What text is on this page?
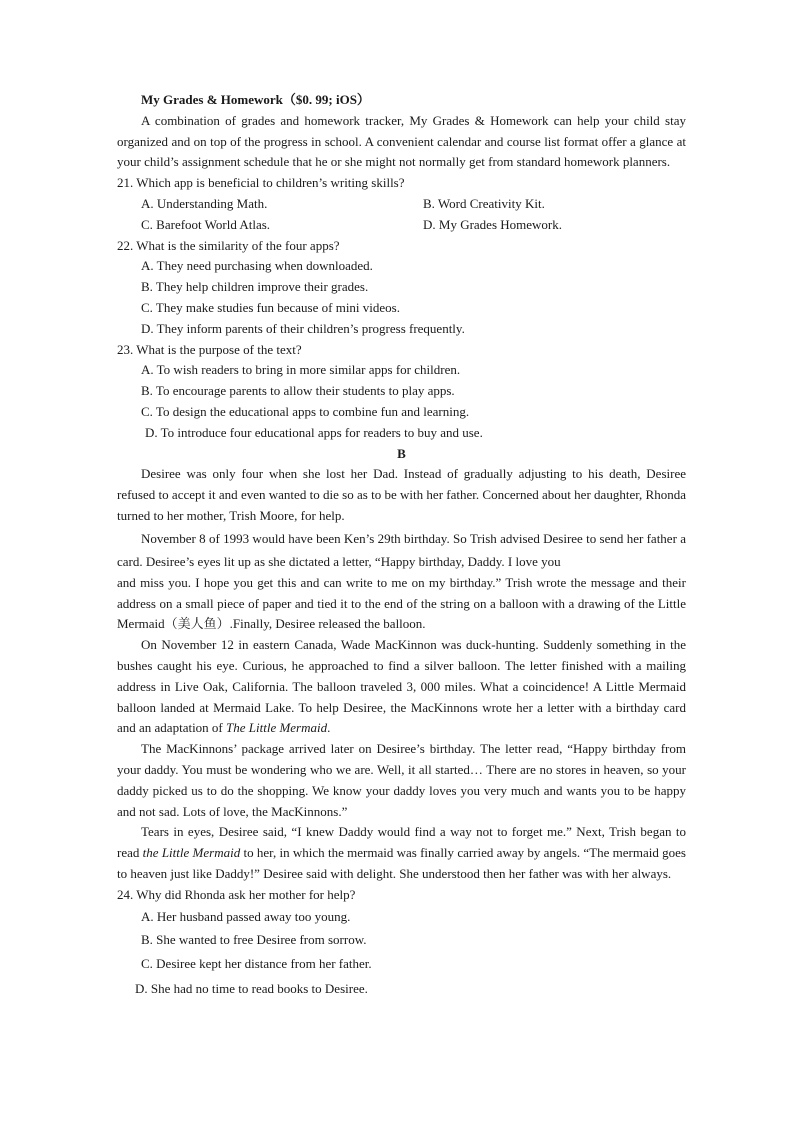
My Grades & Homework（$0. 99; iOS）

A combination of grades and homework tracker, My Grades & Homework can help your child stay organized and on top of the progress in school. A convenient calendar and course list format offer a glance at your child’s assignment schedule that he or she might not normally get from standard homework planners.

21. Which app is beneficial to children’s writing skills?
A. Understanding Math.	B. Word Creativity Kit.
C. Barefoot World Atlas.	D. My Grades Homework.
22. What is the similarity of the four apps?
A. They need purchasing when downloaded.
B. They help children improve their grades.
C. They make studies fun because of mini videos.
D. They inform parents of their children’s progress frequently.
23. What is the purpose of the text?
A. To wish readers to bring in more similar apps for children.
B. To encourage parents to allow their students to play apps.
C. To design the educational apps to combine fun and learning.
D. To introduce four educational apps for readers to buy and use.
B

Desiree was only four when she lost her Dad. Instead of gradually adjusting to his death, Desiree refused to accept it and even wanted to die so as to be with her father. Concerned about her daughter, Rhonda turned to her mother, Trish Moore, for help.

November 8 of 1993 would have been Ken’s 29th birthday. So Trish advised Desiree to send her father a card. Desiree’s eyes lit up as she dictated a letter, “Happy birthday, Daddy. I love you

and miss you. I hope you get this and can write to me on my birthday.” Trish wrote the message and their address on a small piece of paper and tied it to the end of the string on a balloon with a drawing of the Little Mermaid（美人鱼）.Finally, Desiree released the balloon.

On November 12 in eastern Canada, Wade MacKinnon was duck-hunting. Suddenly something in the bushes caught his eye. Curious, he approached to find a silver balloon. The letter finished with a mailing address in Live Oak, California. The balloon traveled 3, 000 miles. What a coincidence! A Little Mermaid balloon landed at Mermaid Lake. To help Desiree, the MacKinnons wrote her a letter with a birthday card and an adaptation of The Little Mermaid.

The MacKinnons’ package arrived later on Desiree’s birthday. The letter read, “Happy birthday from your daddy. You must be wondering who we are. Well, it all started… There are no stores in heaven, so your daddy picked us to do the shopping. We know your daddy loves you very much and wants you to be happy and not sad. Lots of love, the MacKinnons.”

Tears in eyes, Desiree said, “I knew Daddy would find a way not to forget me.” Next, Trish began to read the Little Mermaid to her, in which the mermaid was finally carried away by angels. “The mermaid goes to heaven just like Daddy!” Desiree said with delight. She understood then her father was with her always.

24. Why did Rhonda ask her mother for help?
A. Her husband passed away too young.
B. She wanted to free Desiree from sorrow.
C. Desiree kept her distance from her father.
D. She had no time to read books to Desiree.
